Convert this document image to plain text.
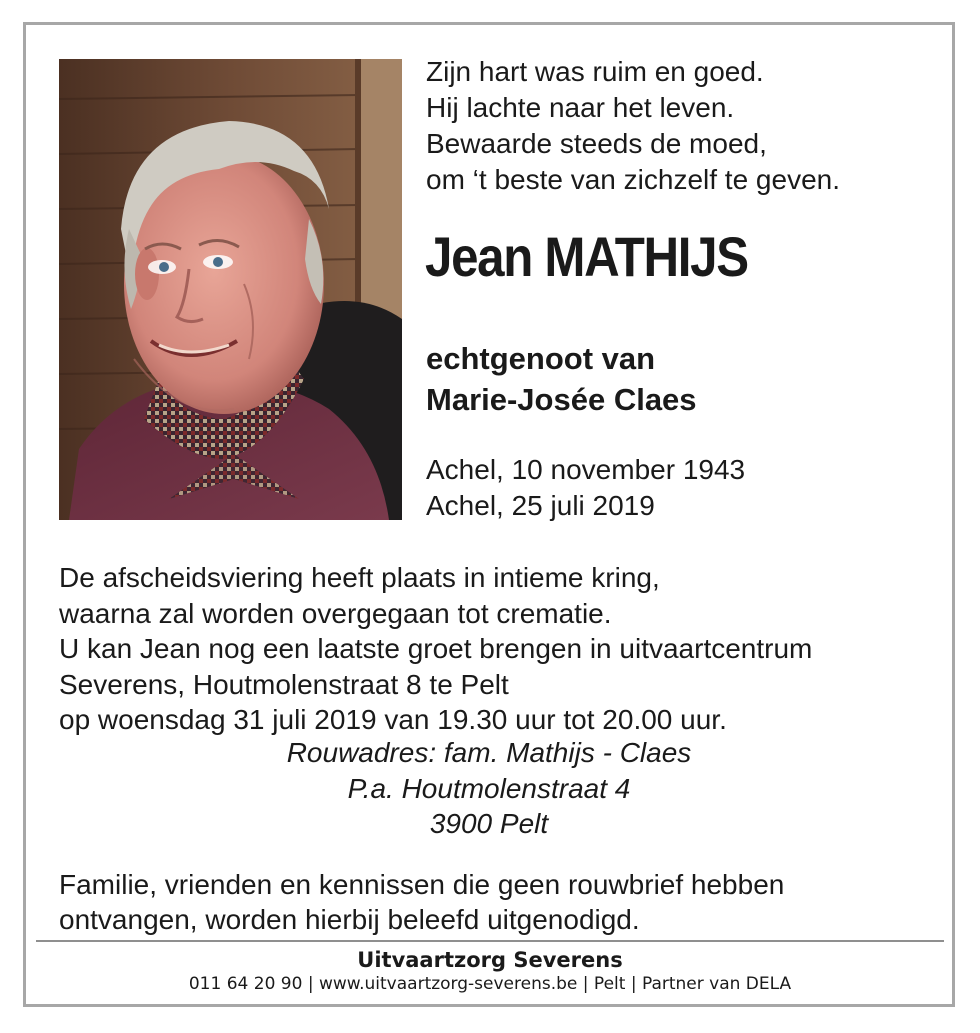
Zijn hart was ruim en goed.
Hij lachte naar het leven.
Bewaarde steeds de moed,
om ‘t beste van zichzelf te geven.
Jean MATHIJS
echtgenoot van
Marie-Josée Claes
Achel, 10 november 1943
Achel, 25 juli 2019
De afscheidsviering heeft plaats in intieme kring,
waarna zal worden overgegaan tot crematie.
U kan Jean nog een laatste groet brengen in uitvaartcentrum
Severens, Houtmolenstraat 8 te Pelt
op woensdag 31 juli 2019 van 19.30 uur tot 20.00 uur.
Rouwadres: fam. Mathijs - Claes
P.a. Houtmolenstraat 4
3900 Pelt
Familie, vrienden en kennissen die geen rouwbrief hebben
ontvangen, worden hierbij beleefd uitgenodigd.
Uitvaartzorg Severens
011 64 20 90 | www.uitvaartzorg-severens.be | Pelt | Partner van DELA
